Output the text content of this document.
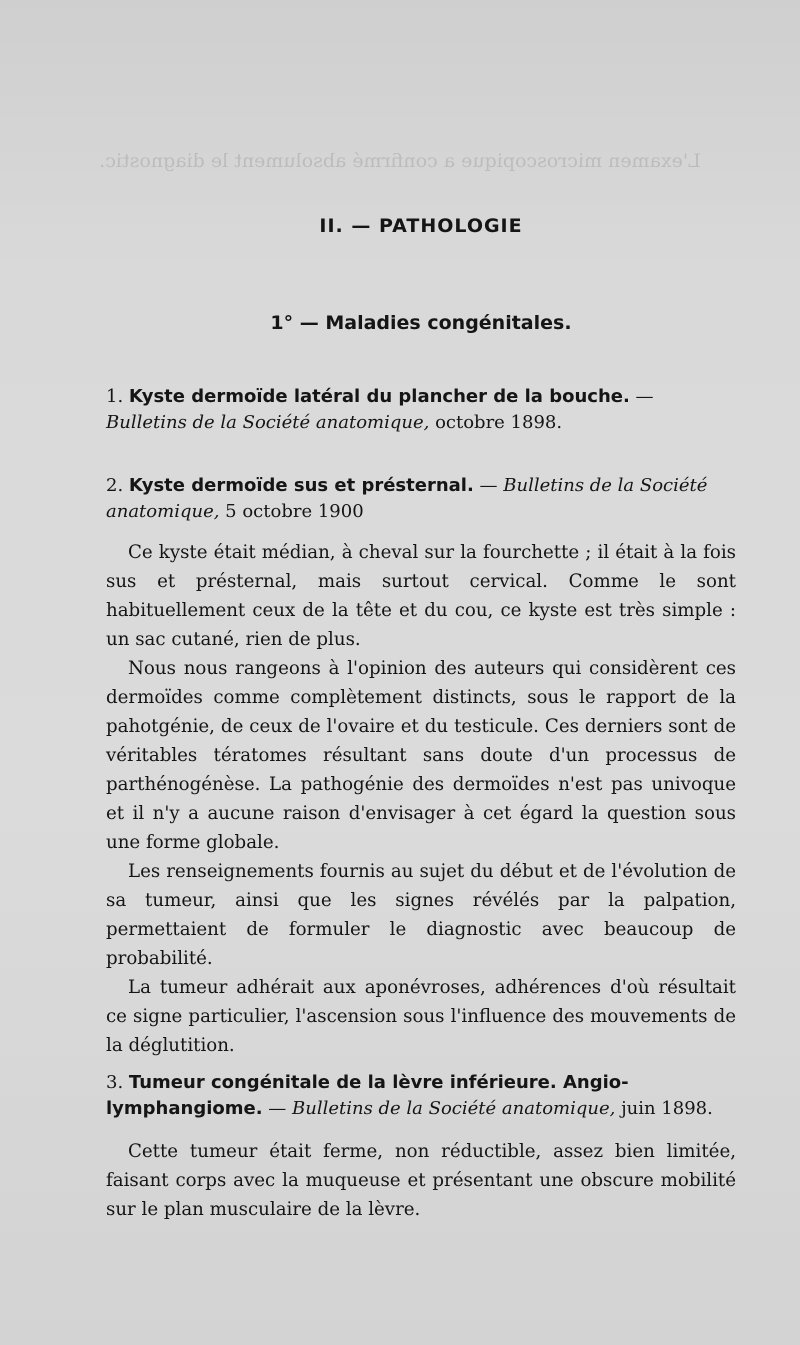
L'examen microscopique a confirmé absolument le diagnostic.
II. — PATHOLOGIE
1° — Maladies congénitales.
1. Kyste dermoïde latéral du plancher de la bouche. — Bulletins de la Société anatomique, octobre 1898.
2. Kyste dermoïde sus et présternal. — Bulletins de la Société anatomique, 5 octobre 1900

Ce kyste était médian, à cheval sur la fourchette ; il était à la fois sus et présternal, mais surtout cervical. Comme le sont habituellement ceux de la tête et du cou, ce kyste est très simple : un sac cutané, rien de plus.

Nous nous rangeons à l'opinion des auteurs qui considèrent ces dermoïdes comme complètement distincts, sous le rapport de la pahotgénie, de ceux de l'ovaire et du testicule. Ces derniers sont de véritables tératomes résultant sans doute d'un processus de parthénogénèse. La pathogénie des dermoïdes n'est pas univoque et il n'y a aucune raison d'envisager à cet égard la question sous une forme globale.

Les renseignements fournis au sujet du début et de l'évolution de sa tumeur, ainsi que les signes révélés par la palpation, permettaient de formuler le diagnostic avec beaucoup de probabilité.

La tumeur adhérait aux aponévroses, adhérences d'où résultait ce signe particulier, l'ascension sous l'influence des mouvements de la déglutition.

3. Tumeur congénitale de la lèvre inférieure. Angio-lymphangiome. — Bulletins de la Société anatomique, juin 1898.

Cette tumeur était ferme, non réductible, assez bien limitée, faisant corps avec la muqueuse et présentant une obscure mobilité sur le plan musculaire de la lèvre.
